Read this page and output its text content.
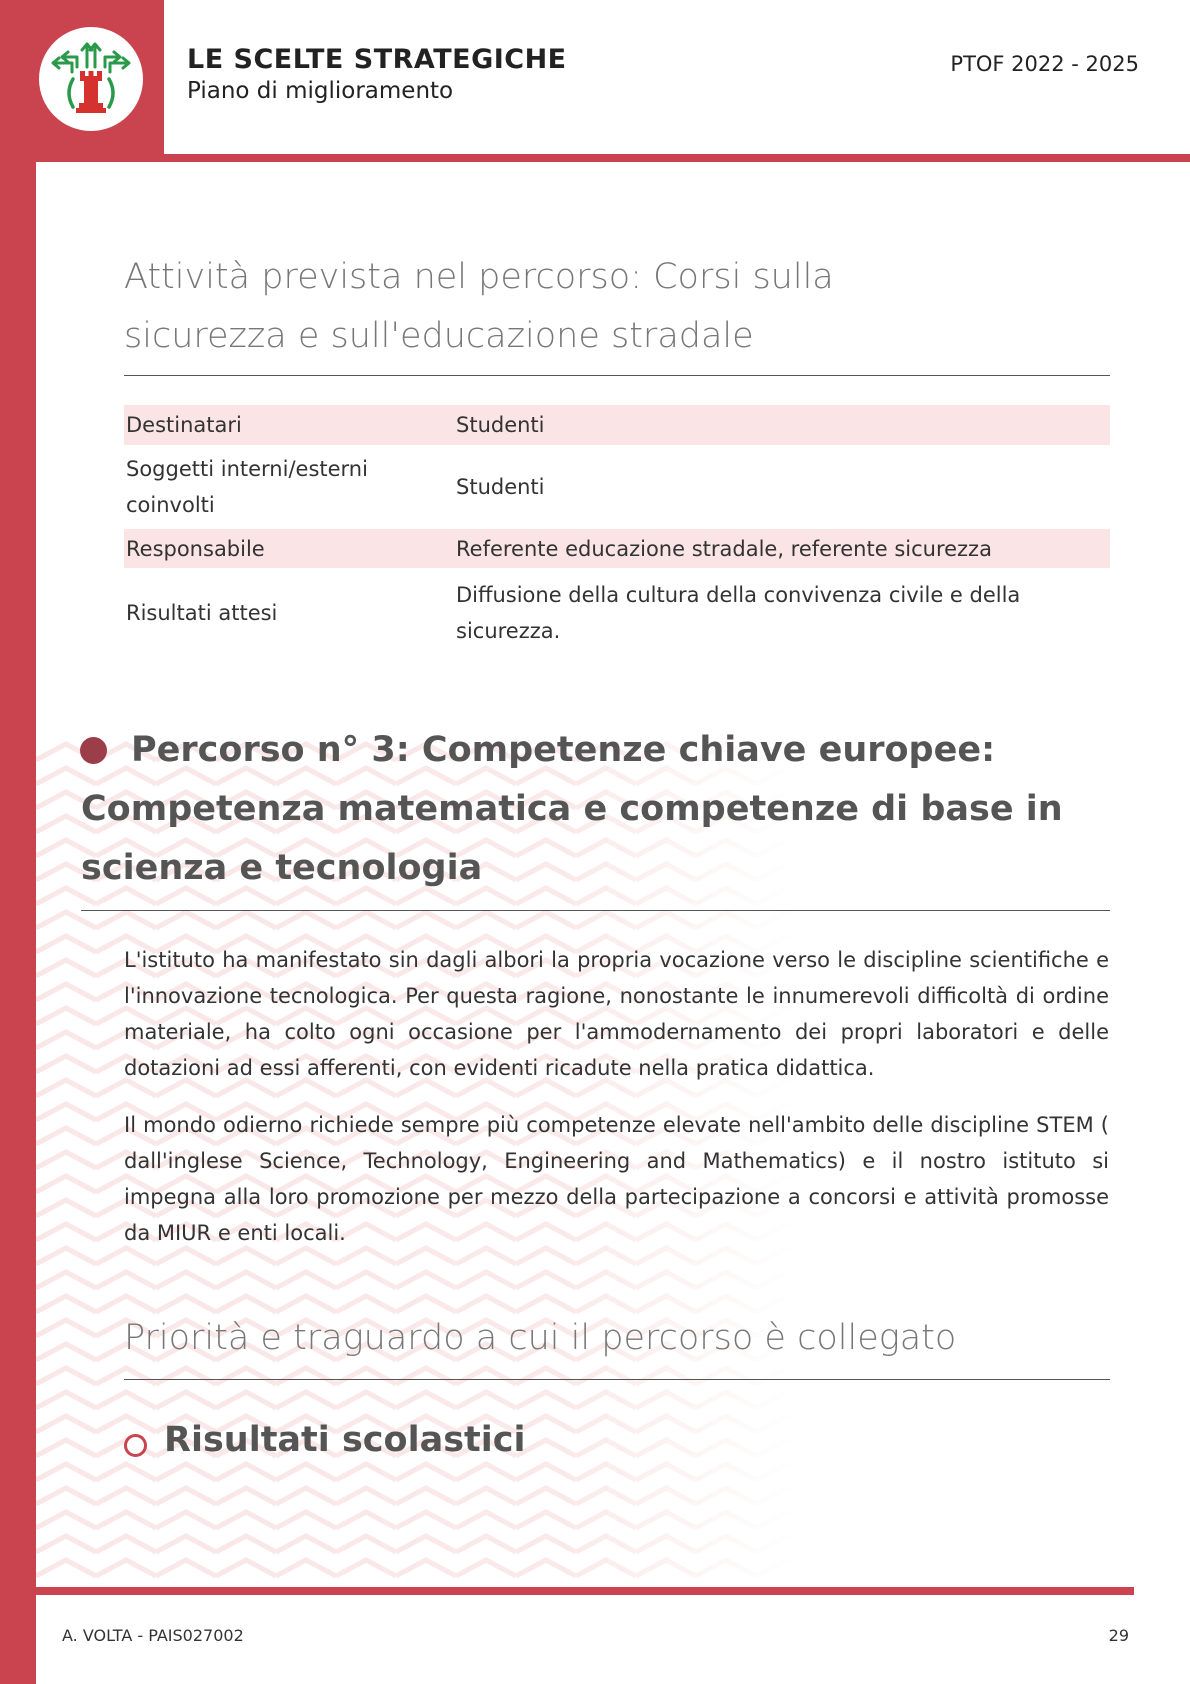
LE SCELTE STRATEGICHE
Piano di miglioramento
PTOF 2022 - 2025
Attività prevista nel percorso: Corsi sulla sicurezza e sull'educazione stradale
Destinatari	Studenti
Soggetti interni/esterni coinvolti	Studenti
Responsabile	Referente educazione stradale, referente sicurezza
Risultati attesi	Diffusione della cultura della convivenza civile e della sicurezza.
Percorso n° 3: Competenze chiave europee: Competenza matematica e competenze di base in scienza e tecnologia

L'istituto ha manifestato sin dagli albori la propria vocazione verso le discipline scientifiche e l'innovazione tecnologica. Per questa ragione, nonostante le innumerevoli difficoltà di ordine materiale, ha colto ogni occasione per l'ammodernamento dei propri laboratori e delle dotazioni ad essi afferenti, con evidenti ricadute nella pratica didattica.

Il mondo odierno richiede sempre più competenze elevate nell'ambito delle discipline STEM ( dall'inglese Science, Technology, Engineering and Mathematics) e il nostro istituto si impegna alla loro promozione per mezzo della partecipazione a concorsi e attività promosse da MIUR e enti locali.

Priorità e traguardo a cui il percorso è collegato
Risultati scolastici
A. VOLTA - PAIS027002	29
